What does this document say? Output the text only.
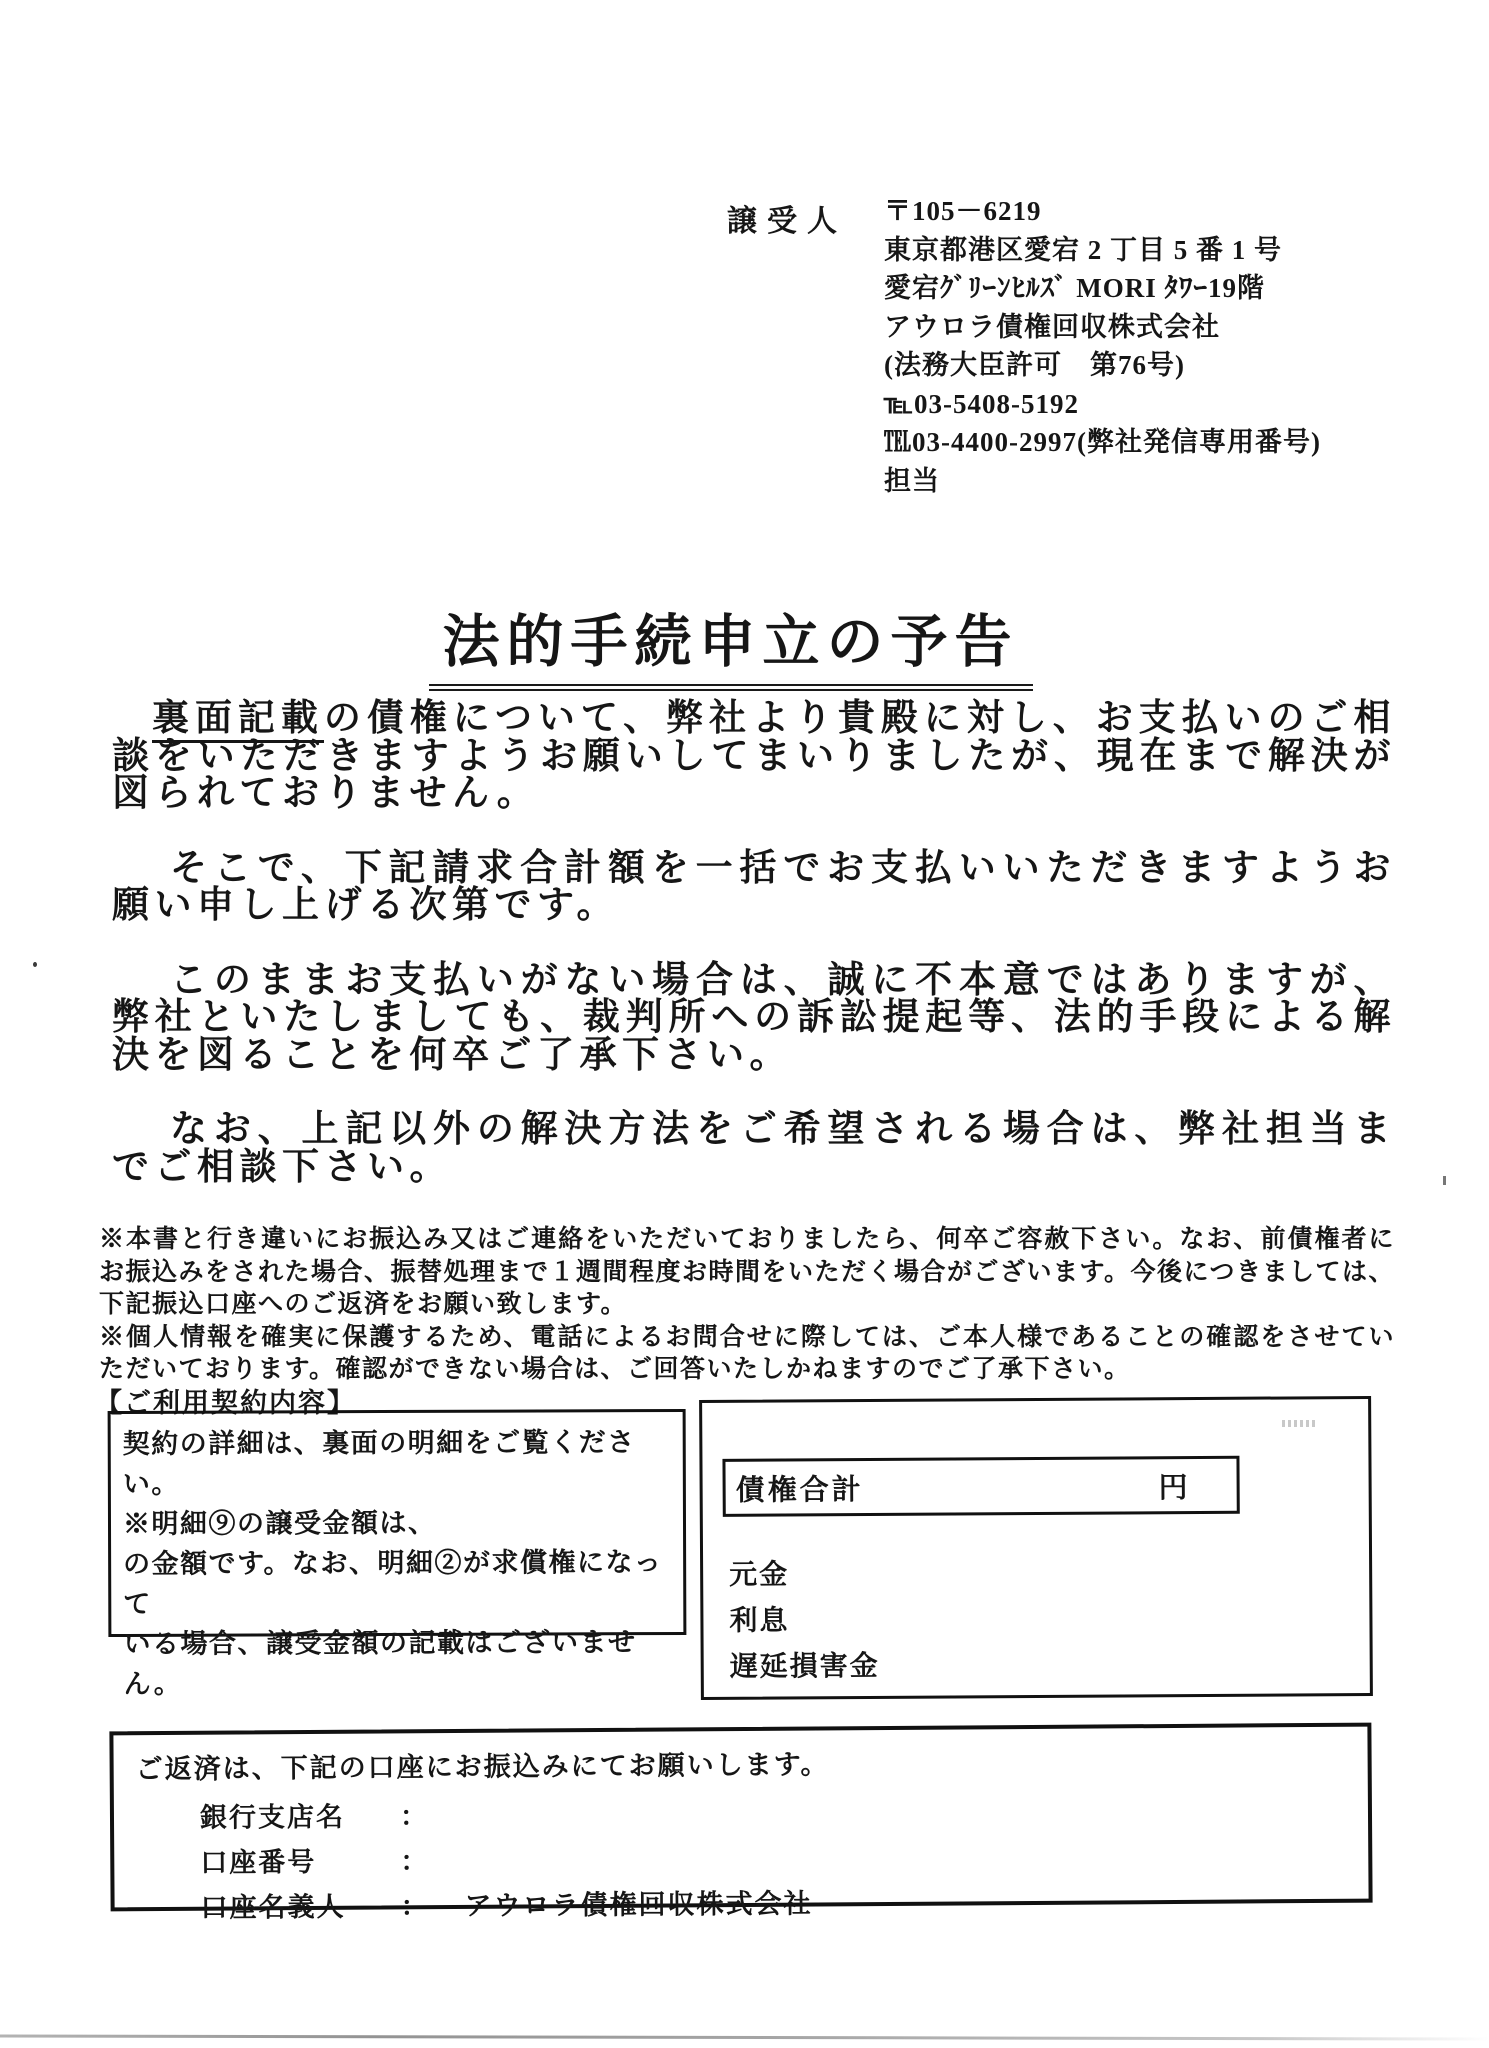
譲受人 〒105－6219
東京都港区愛宕 2 丁目 5 番 1 号
愛宕ｸﾞﾘｰﾝﾋﾙｽﾞ MORI ﾀﾜｰ19階
アウロラ債権回収株式会社
(法務大臣許可　第76号)
℡03-5408-5192
℡03-4400-2997(弊社発信専用番号)
担当
法的手続申立の予告

裏面記載の債権について、弊社より貴殿に対し、お支払いのご相談をいただきますようお願いしてまいりましたが、現在まで解決が図られておりません。

そこで、下記請求合計額を一括でお支払いいただきますようお願い申し上げる次第です。

このままお支払いがない場合は、誠に不本意ではありますが、弊社といたしましても、裁判所への訴訟提起等、法的手段による解決を図ることを何卒ご了承下さい。

なお、上記以外の解決方法をご希望される場合は、弊社担当までご相談下さい。

※本書と行き違いにお振込み又はご連絡をいただいておりましたら、何卒ご容赦下さい。なお、前債権者にお振込みをされた場合、振替処理まで１週間程度お時間をいただく場合がございます。今後につきましては、下記振込口座へのご返済をお願い致します。

※個人情報を確実に保護するため、電話によるお問合せに際しては、ご本人様であることの確認をさせていただいております。確認ができない場合は、ご回答いたしかねますのでご了承下さい。

【ご利用契約内容】
契約の詳細は、裏面の明細をご覧ください。
※明細⑨の譲受金額は、
の金額です。なお、明細②が求償権になって
いる場合、譲受金額の記載はございません。
債権合計	円
元金
利息
遅延損害金
ご返済は、下記の口座にお振込みにてお願いします。
銀行支店名	：
口座番号	：
口座名義人	：	アウロラ債権回収株式会社
